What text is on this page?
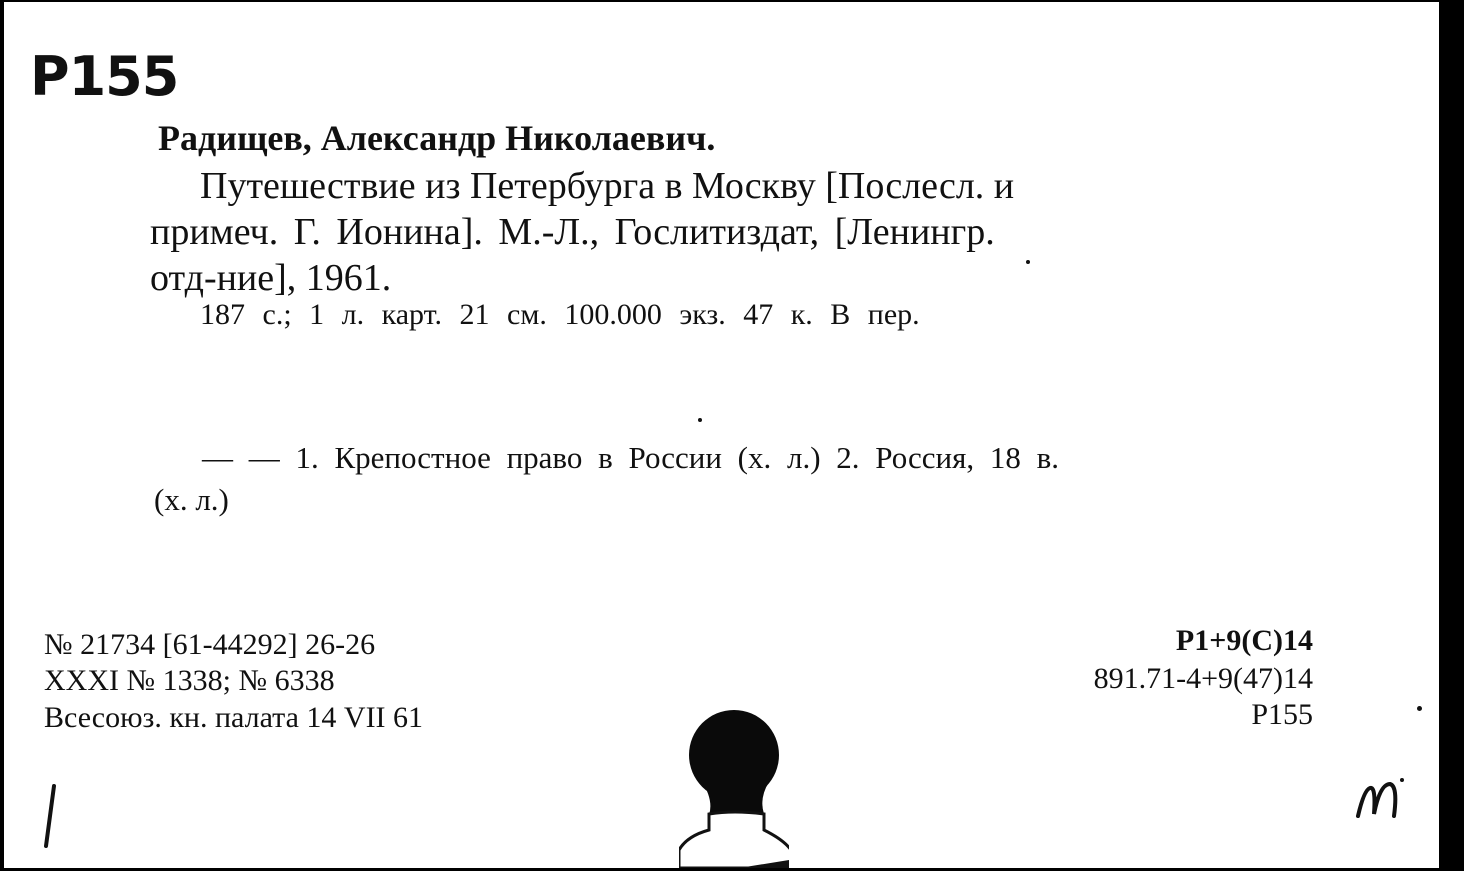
P155

Радищев, Александр Николаевич.

Путешествие из Петербурга в Москву [Послесл. и

примеч. Г. Ионина]. М.-Л., Гослитиздат, [Ленингр.

отд-ние], 1961.

187 с.; 1 л. карт. 21 см. 100.000 экз. 47 к. В пер.

— — 1. Крепостное право в России (х. л.) 2. Россия, 18 в.

(х. л.)

№ 21734 [61-44292] 26-26

XXXI № 1338; № 6338

Всесоюз. кн. палата 14 VII 61

P1+9(C)14

891.71-4+9(47)14

P155
